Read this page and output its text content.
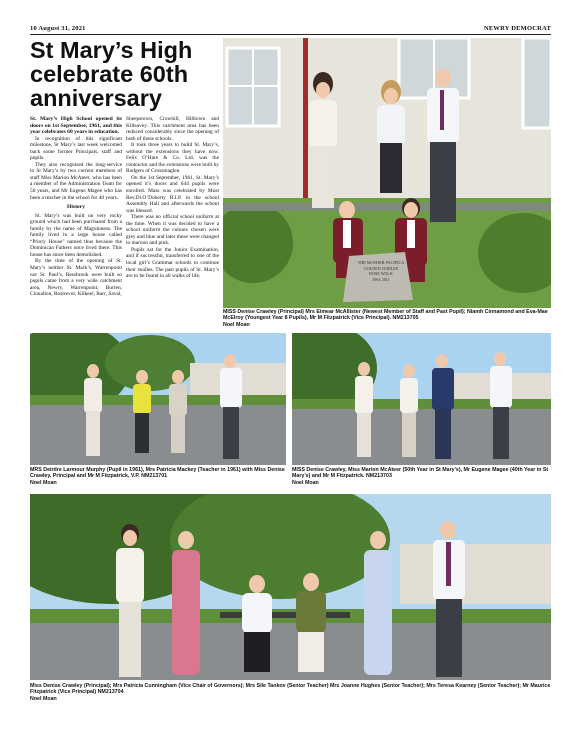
10 August 31, 2021	NEWRY DEMOCRAT
St Mary’s High celebrate 60th anniversary

St. Mary’s High School opened its doors on 1st September, 1961, and this year celebrates 60 years in education.

In recognition of this significant milestone, St Mary’s last week welcomed back some former Principals, staff and pupils.

They also recognised the long-service to St Mary’s by two current members of staff Miss Marion McAteer, who has been a member of the Administration Team for 50 years, and Mr Eugene Magee who has been a teacher in the school for 40 years.

History

St. Mary’s was built on very rocky ground which had been purchased from a family by the name of Maguinness. The family lived in a large house called “Priory House” named thus because the Dominican Fathers once lived there. This house has since been demolished.

By the time of the opening of St. Mary’s neither St. Mark’s, Warrenpoint nor St. Paul’s, Bessbrook were built so pupils came from a very wide catchment area, Newry, Warrenpoint, Burren, Clonallon, Rostrevor, Kilkeel, Barr, Saval,

Sheepstown, Crowhill, Hilltown and Killeavey. This catchment area has been reduced considerably since the opening of both of these schools.

It took three years to build St. Mary’s, without the extensions they have now. Felix O’Hare & Co. Ltd. was the contractor and the extensions were built by Rodgers of Crossmaglen.

On the 1st September, 1961, St. Mary’s opened it’s doors and 644 pupils were enrolled. Mass was celebrated by Most Rev.Dr.O’Doherty R.I.P. in the school Assembly Hall and afterwards the school was blessed.

There was no official school uniform at the time. When it was decided to have a school uniform the colours chosen were grey and blue and later these were changed to maroon and pink.

Pupils sat for the Junior Examination, and if successful, transferred to one of the local girl’s Grammar schools to continue their studies. The past pupils of St. Mary’s are to be found in all walks of life.

THE MOTHER PACIFICA
GOLDEN JUBILEE
ROSE WALK
1961 2011
MISS Denise Crawley (Principal) Mrs Eimear McAllister (Newest Member of Staff and Past Pupil); Niamh Cinnamond and Eva-Mae McElroy (Youngest Year 8 Pupils), Mr M Fitzpatrick (Vice Principal). NM213705
Noel Moan
MRS Deirdre Larmour Murphy (Pupil in 1961), Mrs Patricia Mackey (Teacher in 1961) with Miss Denise Crawley, Principal and Mr M Fitzpatrick, V.P. NM213701
Noel Moan
MISS Denise Crawley, Miss Marion McAteer (50th Year in St Mary’s), Mr Eugene Magee (40th Year in St Mary’s) and Mr M Fitzpatrick. NM213703
Noel Moan
Miss Denise Crawley (Principal); Mrs Patricia Cunningham (Vice Chair of Governors); Mrs Sile Tankov (Senior Teacher) Mrs Joanne Hughes (Senior Teacher); Mrs Teresa Kearney (Senior Teacher); Mr Maurice Fitzpatrick (Vice Principal) NM213704
Noel Moan
